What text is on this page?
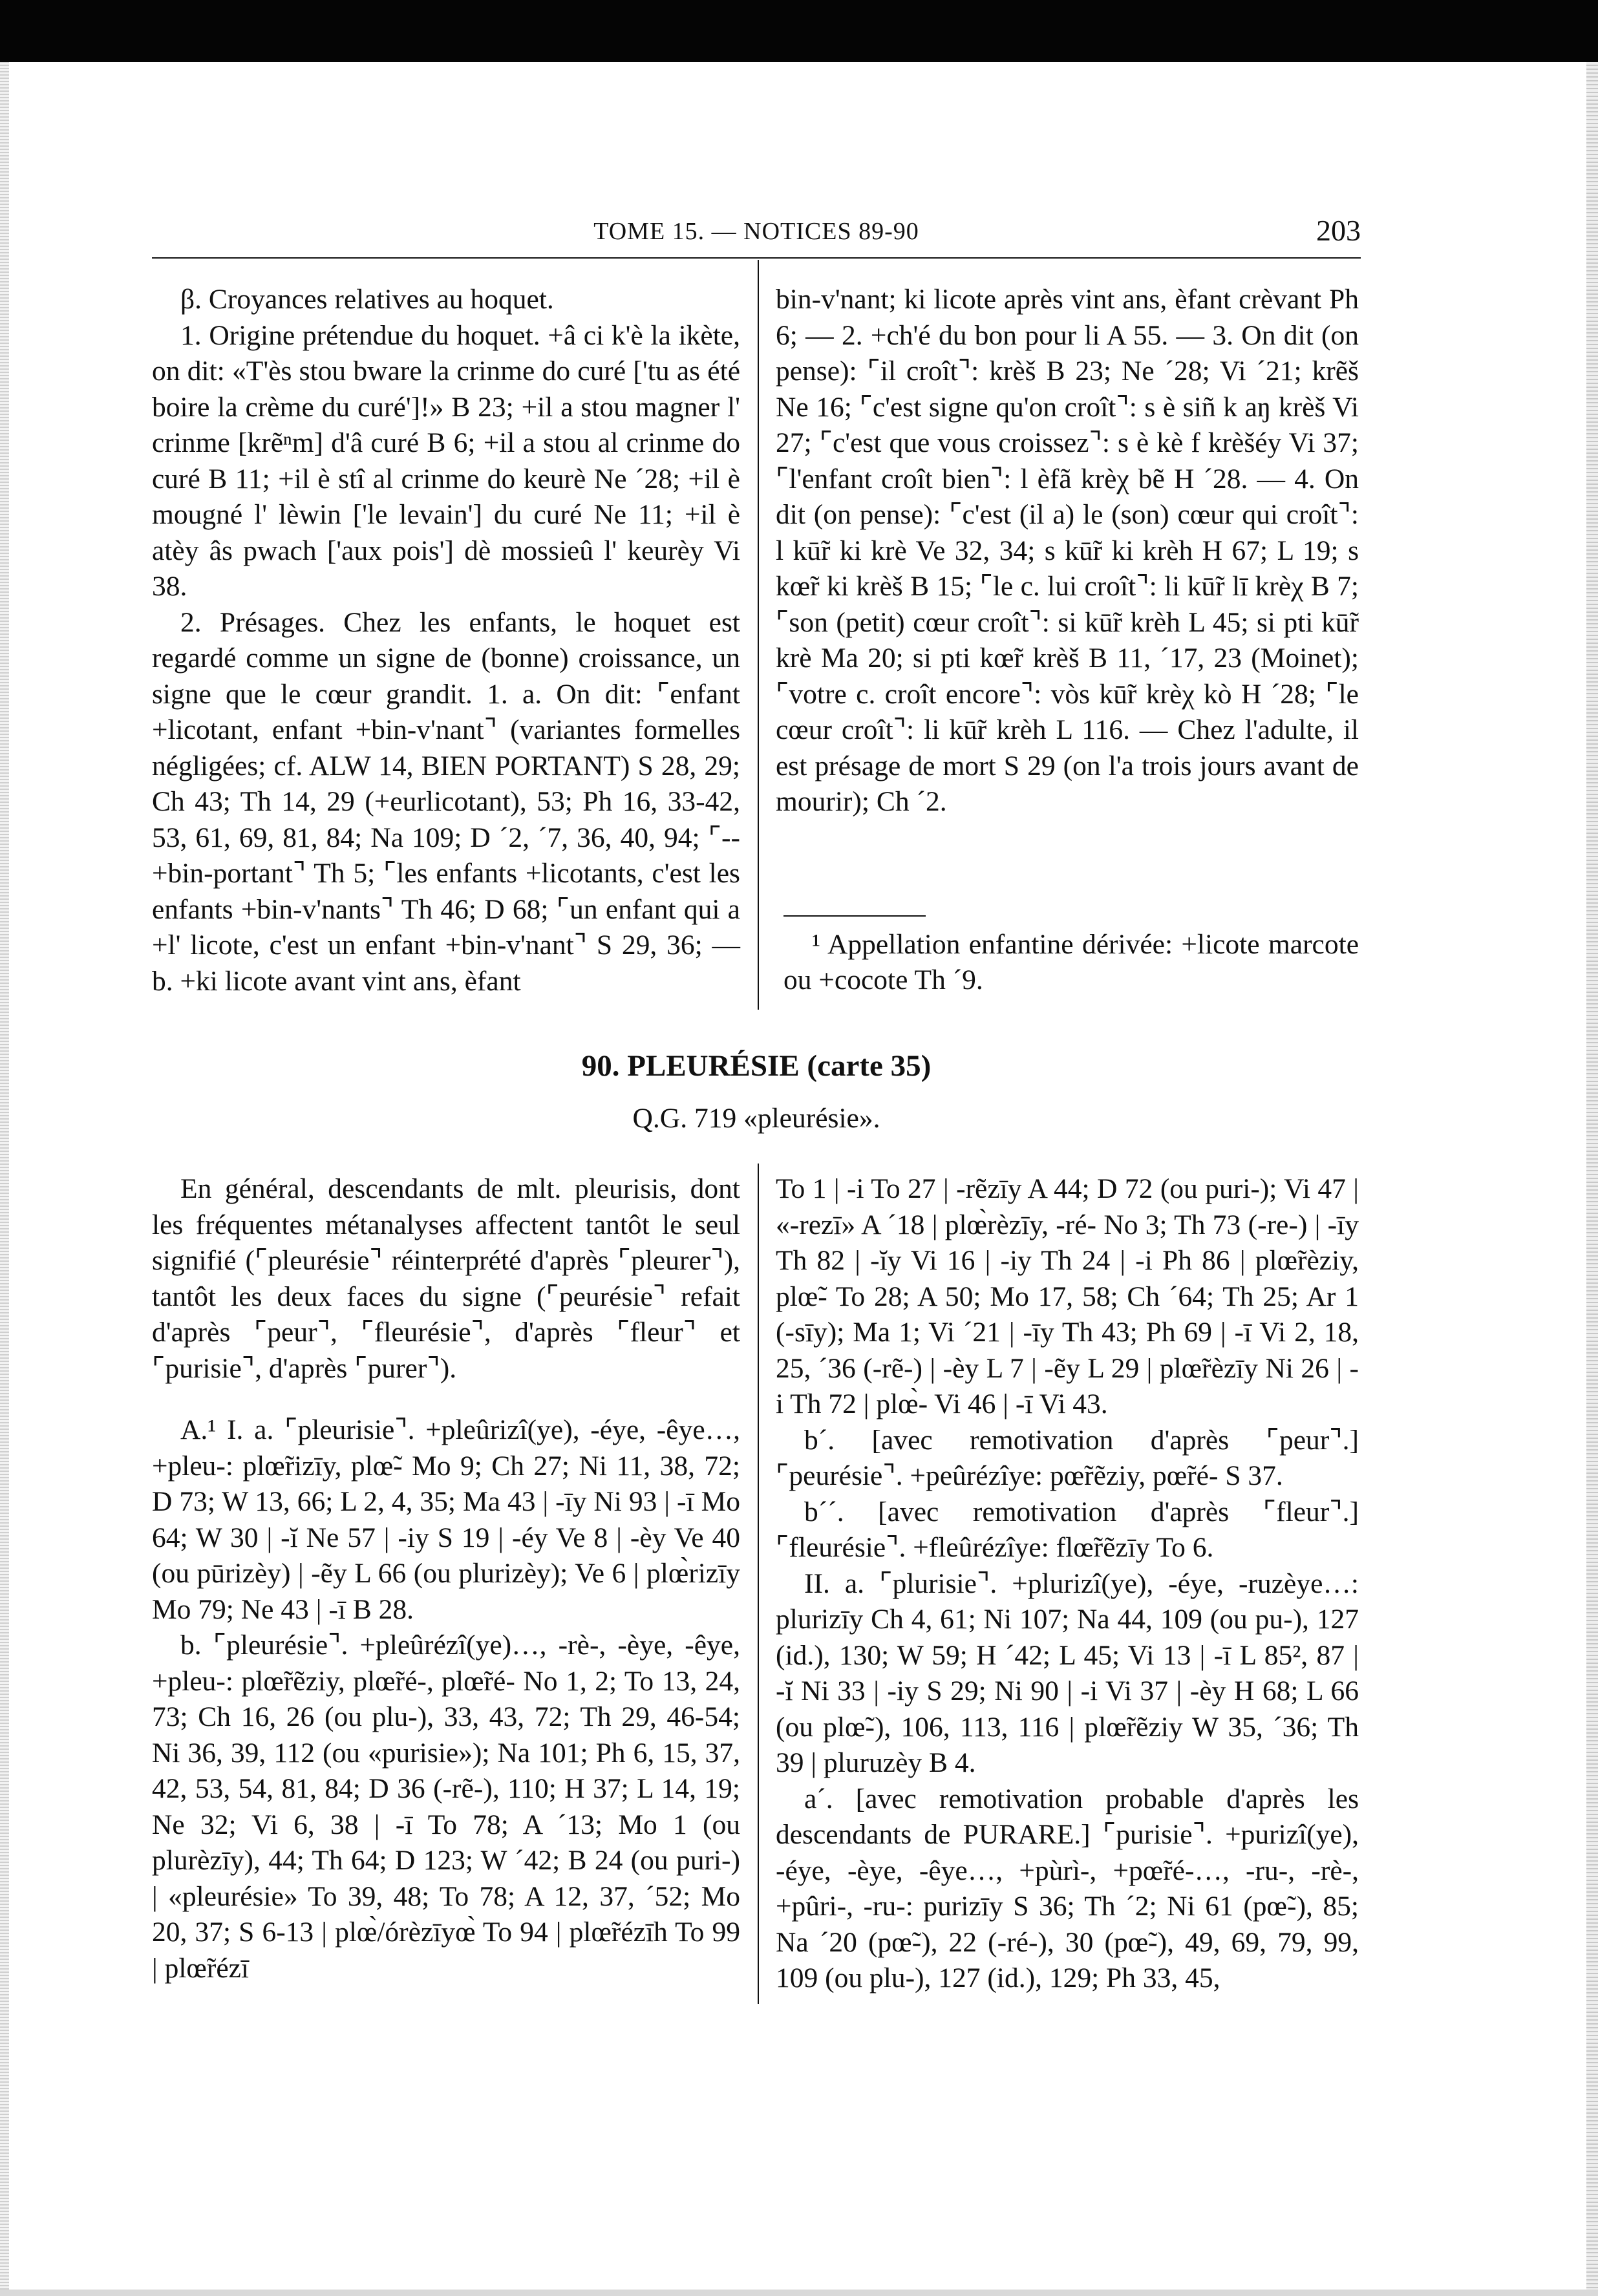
TOME 15. — NOTICES 89-90	203

β. Croyances relatives au hoquet.

1. Origine prétendue du hoquet. +â ci k'è la ikète, on dit: «T'ès stou bware la crinme do curé ['tu as été boire la crème du curé']!» B 23; +il a stou magner l' crinme [krẽⁿm] d'â curé B 6; +il a stou al crinme do curé B 11; +il è stî al crinme do keurè Ne ´28; +il è mougné l' lèwin ['le levain'] du curé Ne 11; +il è atèy âs pwach ['aux pois'] dè mossieû l' keurèy Vi 38.

2. Présages. Chez les enfants, le hoquet est regardé comme un signe de (bonne) croissance, un signe que le cœur grandit. 1. a. On dit: ⌜enfant +licotant, enfant +bin-v'nant⌝ (variantes formelles négligées; cf. ALW 14, BIEN PORTANT) S 28, 29; Ch 43; Th 14, 29 (+eurlicotant), 53; Ph 16, 33-42, 53, 61, 69, 81, 84; Na 109; D ´2, ´7, 36, 40, 94; ⌜-- +bin-portant⌝ Th 5; ⌜les enfants +licotants, c'est les enfants +bin-v'nants⌝ Th 46; D 68; ⌜un enfant qui a +l' licote, c'est un enfant +bin-v'nant⌝ S 29, 36; — b. +ki licote avant vint ans, èfant

bin-v'nant; ki licote après vint ans, èfant crèvant Ph 6; — 2. +ch'é du bon pour li A 55. — 3. On dit (on pense): ⌜il croît⌝: krèš B 23; Ne ´28; Vi ´21; krẽš Ne 16; ⌜c'est signe qu'on croît⌝: s è siñ k aŋ krèš Vi 27; ⌜c'est que vous croissez⌝: s è kè f krèšéy Vi 37; ⌜l'enfant croît bien⌝: l èfã krèχ bẽ H ´28. — 4. On dit (on pense): ⌜c'est (il a) le (son) cœur qui croît⌝: l kū̃r ki krè Ve 32, 34; s kū̃r ki krèh H 67; L 19; s kœ̃r ki krèš B 15; ⌜le c. lui croît⌝: li kū̃r lī krèχ B 7; ⌜son (petit) cœur croît⌝: si kū̃r krèh L 45; si pti kū̃r krè Ma 20; si pti kœ̃r krèš B 11, ´17, 23 (Moinet); ⌜votre c. croît encore⌝: vòs kū̃r krèχ kò H ´28; ⌜le cœur croît⌝: li kū̃r krèh L 116. — Chez l'adulte, il est présage de mort S 29 (on l'a trois jours avant de mourir); Ch ´2.

¹ Appellation enfantine dérivée: +licote marcote ou +cocote Th ´9.
90. PLEURÉSIE (carte 35)
Q.G. 719 «pleurésie».

En général, descendants de mlt. pleurisis, dont les fréquentes métanalyses affectent tantôt le seul signifié (⌜pleurésie⌝ réinterprété d'après ⌜pleurer⌝), tantôt les deux faces du signe (⌜peurésie⌝ refait d'après ⌜peur⌝, ⌜fleurésie⌝, d'après ⌜fleur⌝ et ⌜purisie⌝, d'après ⌜purer⌝).

A.¹ I. a. ⌜pleurisie⌝. +pleûrizî(ye), -éye, -êye…, +pleu-: plœ̃rizīy, plœ̃- Mo 9; Ch 27; Ni 11, 38, 72; D 73; W 13, 66; L 2, 4, 35; Ma 43 | -īy Ni 93 | -ī Mo 64; W 30 | -ĭ Ne 57 | -iy S 19 | -éy Ve 8 | -èy Ve 40 (ou pūrizèy) | -ẽy L 66 (ou plurizèy); Ve 6 | plœ̀rizīy Mo 79; Ne 43 | -ī B 28.

b. ⌜pleurésie⌝. +pleûrézî(ye)…, -rè-, -èye, -êye, +pleu-: plœ̃rẽziy, plœ̃ré-, plœ̃ré- No 1, 2; To 13, 24, 73; Ch 16, 26 (ou plu-), 33, 43, 72; Th 29, 46-54; Ni 36, 39, 112 (ou «purisie»); Na 101; Ph 6, 15, 37, 42, 53, 54, 81, 84; D 36 (-rẽ-), 110; H 37; L 14, 19; Ne 32; Vi 6, 38 | -ī To 78; A ´13; Mo 1 (ou plurèzīy), 44; Th 64; D 123; W ´42; B 24 (ou puri-) | «pleurésie» To 39, 48; To 78; A 12, 37, ´52; Mo 20, 37; S 6-13 | plœ̀/órèzīyœ̀ To 94 | plœ̃rézīh To 99 | plœ̃rézī

To 1 | -i To 27 | -rẽzīy A 44; D 72 (ou puri-); Vi 47 | «-rezī» A ´18 | plœ̀rèzīy, -ré- No 3; Th 73 (-re-) | -īy Th 82 | -ĭy Vi 16 | -iy Th 24 | -i Ph 86 | plœ̃rèziy, plœ̃- To 28; A 50; Mo 17, 58; Ch ´64; Th 25; Ar 1 (-sīy); Ma 1; Vi ´21 | -īy Th 43; Ph 69 | -ī Vi 2, 18, 25, ´36 (-rẽ-) | -èy L 7 | -ẽy L 29 | plœ̃rèzīy Ni 26 | -i Th 72 | plœ̀- Vi 46 | -ī Vi 43.

b´. [avec remotivation d'après ⌜peur⌝.] ⌜peurésie⌝. +peûrézîye: pœ̃rẽziy, pœ̃ré- S 37.

b´´. [avec remotivation d'après ⌜fleur⌝.] ⌜fleurésie⌝. +fleûrézîye: flœ̃rẽzīy To 6.

II. a. ⌜plurisie⌝. +plurizî(ye), -éye, -ruzèye…: plurizīy Ch 4, 61; Ni 107; Na 44, 109 (ou pu-), 127 (id.), 130; W 59; H ´42; L 45; Vi 13 | -ī L 85², 87 | -ĭ Ni 33 | -iy S 29; Ni 90 | -i Vi 37 | -èy H 68; L 66 (ou plœ̃-), 106, 113, 116 | plœ̃rẽziy W 35, ´36; Th 39 | pluruzèy B 4.

a´. [avec remotivation probable d'après les descendants de PURARE.] ⌜purisie⌝. +purizî(ye), -éye, -èye, -êye…, +pùrì-, +pœ̃ré-…, -ru-, -rè-, +pûri-, -ru-: purizīy S 36; Th ´2; Ni 61 (pœ̃-), 85; Na ´20 (pœ̃-), 22 (-ré-), 30 (pœ̃-), 49, 69, 79, 99, 109 (ou plu-), 127 (id.), 129; Ph 33, 45,
